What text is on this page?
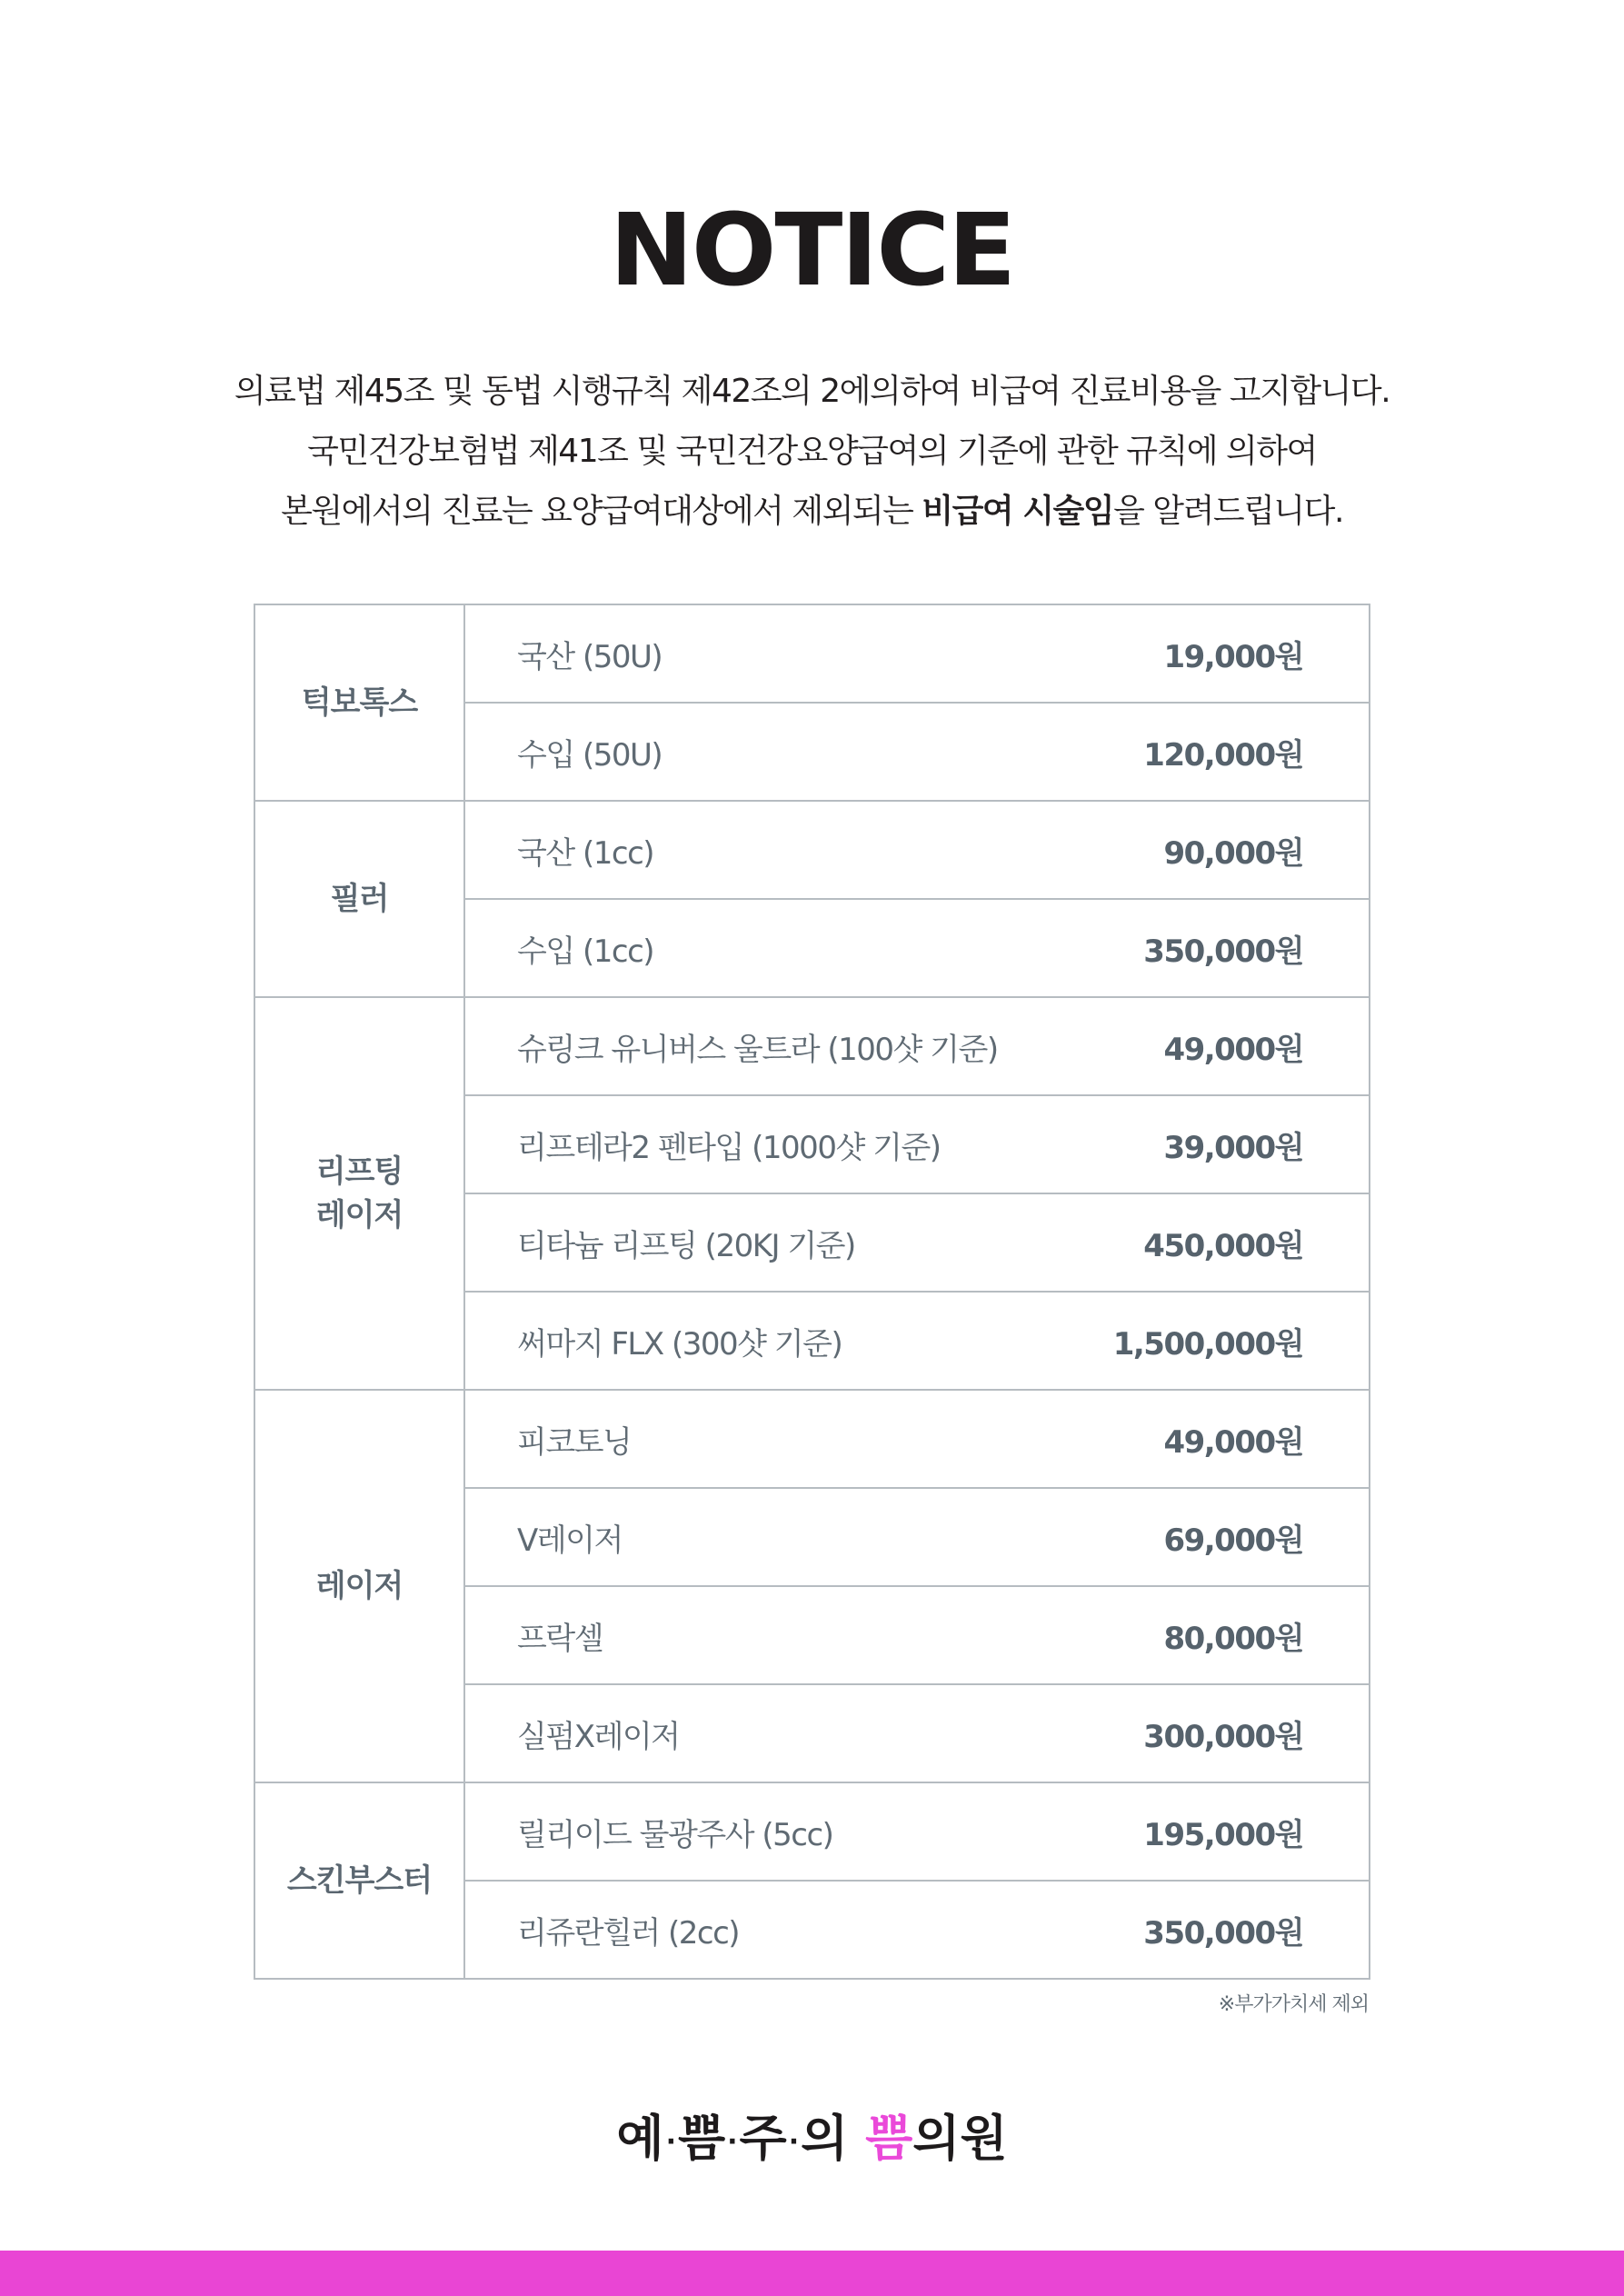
NOTICE

의료법 제45조 및 동법 시행규칙 제42조의 2에의하여 비급여 진료비용을 고지합니다.

국민건강보험법 제41조 및 국민건강요양급여의 기준에 관한 규칙에 의하여

본원에서의 진료는 요양급여대상에서 제외되는 비급여 시술임을 알려드립니다.

턱보톡스	국산 (50U) 19,000원

	수입 (50U) 120,000원

필러	국산 (1cc) 90,000원

	수입 (1cc) 350,000원

리프팅
레이저	슈링크 유니버스 울트라 (100샷 기준) 49,000원

	리프테라2 펜타입 (1000샷 기준) 39,000원

	티타늄 리프팅 (20KJ 기준) 450,000원

	써마지 FLX (300샷 기준) 1,500,000원

레이저	피코토닝 49,000원

	V레이저 69,000원

	프락셀 80,000원

	실펌X레이저 300,000원

스킨부스터	릴리이드 물광주사 (5cc) 195,000원

	리쥬란힐러 (2cc) 350,000원
※부가가치세 제외
예·쁨·주·의 쁨의원
